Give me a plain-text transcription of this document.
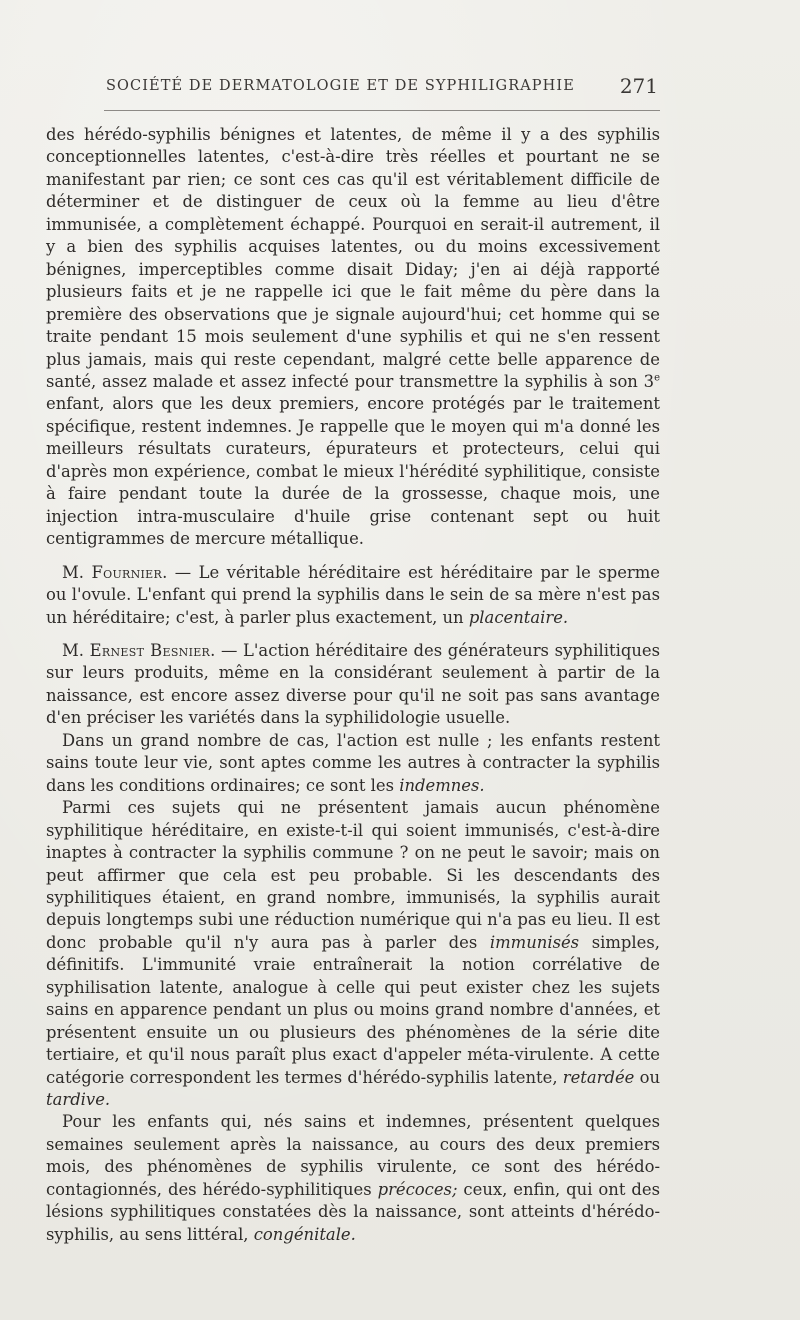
SOCIÉTÉ DE DERMATOLOGIE ET DE SYPHILIGRAPHIE 271

des hérédo-syphilis bénignes et latentes, de même il y a des syphilis conceptionnelles latentes, c'est-à-dire très réelles et pourtant ne se manifestant par rien; ce sont ces cas qu'il est véritablement difficile de déterminer et de distinguer de ceux où la femme au lieu d'être immunisée, a complètement échappé. Pourquoi en serait-il autrement, il y a bien des syphilis acquises latentes, ou du moins excessivement bénignes, imperceptibles comme disait Diday; j'en ai déjà rapporté plusieurs faits et je ne rappelle ici que le fait même du père dans la première des observations que je signale aujourd'hui; cet homme qui se traite pendant 15 mois seulement d'une syphilis et qui ne s'en ressent plus jamais, mais qui reste cependant, malgré cette belle apparence de santé, assez malade et assez infecté pour transmettre la syphilis à son 3e enfant, alors que les deux premiers, encore protégés par le traitement spécifique, restent indemnes. Je rappelle que le moyen qui m'a donné les meilleurs résultats curateurs, épurateurs et protecteurs, celui qui d'après mon expérience, combat le mieux l'hérédité syphilitique, consiste à faire pendant toute la durée de la grossesse, chaque mois, une injection intra-musculaire d'huile grise contenant sept ou huit centigrammes de mercure métallique.

M. Fournier. — Le véritable héréditaire est héréditaire par le sperme ou l'ovule. L'enfant qui prend la syphilis dans le sein de sa mère n'est pas un héréditaire; c'est, à parler plus exactement, un placentaire.

M. Ernest Besnier. — L'action héréditaire des générateurs syphilitiques sur leurs produits, même en la considérant seulement à partir de la naissance, est encore assez diverse pour qu'il ne soit pas sans avantage d'en préciser les variétés dans la syphilidologie usuelle.

Dans un grand nombre de cas, l'action est nulle ; les enfants restent sains toute leur vie, sont aptes comme les autres à contracter la syphilis dans les conditions ordinaires; ce sont les indemnes.

Parmi ces sujets qui ne présentent jamais aucun phénomène syphilitique héréditaire, en existe-t-il qui soient immunisés, c'est-à-dire inaptes à contracter la syphilis commune ? on ne peut le savoir; mais on peut affirmer que cela est peu probable. Si les descendants des syphilitiques étaient, en grand nombre, immunisés, la syphilis aurait depuis longtemps subi une réduction numérique qui n'a pas eu lieu. Il est donc probable qu'il n'y aura pas à parler des immunisés simples, définitifs. L'immunité vraie entraînerait la notion corrélative de syphilisation latente, analogue à celle qui peut exister chez les sujets sains en apparence pendant un plus ou moins grand nombre d'années, et présentent ensuite un ou plusieurs des phénomènes de la série dite tertiaire, et qu'il nous paraît plus exact d'appeler méta-virulente. A cette catégorie correspondent les termes d'hérédo-syphilis latente, retardée ou tardive.

Pour les enfants qui, nés sains et indemnes, présentent quelques semaines seulement après la naissance, au cours des deux premiers mois, des phénomènes de syphilis virulente, ce sont des hérédo-contagionnés, des hérédo-syphilitiques précoces; ceux, enfin, qui ont des lésions syphilitiques constatées dès la naissance, sont atteints d'hérédo-syphilis, au sens littéral, congénitale.
